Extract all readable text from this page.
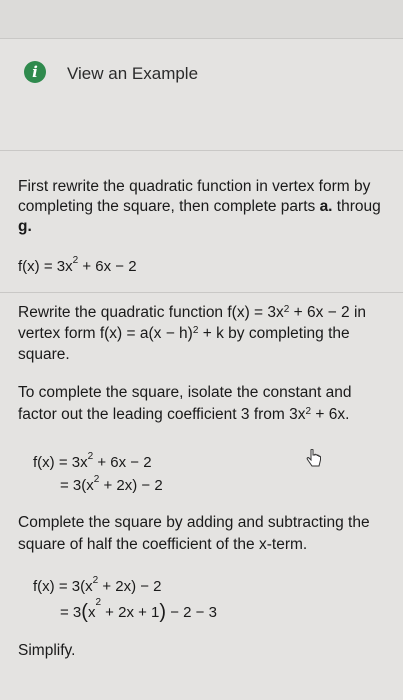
i	View an Example
First rewrite the quadratic function in vertex form by
completing the square, then complete parts a. throug
g.
$f(x) = 3x^2 + 6x - 2$
Rewrite the quadratic function $f(x) = 3x^2 + 6x - 2$ in
vertex form $f(x) = a(x - h)^2 + k$ by completing the
square.
To complete the square, isolate the constant and
factor out the leading coefficient 3 from $3x^2 + 6x$.
$f(x) = 3x^2 + 6x - 2$
= $3(x^2 + 2x) - 2$
Complete the square by adding and subtracting the
square of half the coefficient of the x-term.
$f(x) = 3(x^2 + 2x) - 2$
= $3(x^2 + 2x + 1) - 2 - 3$
Simplify.
